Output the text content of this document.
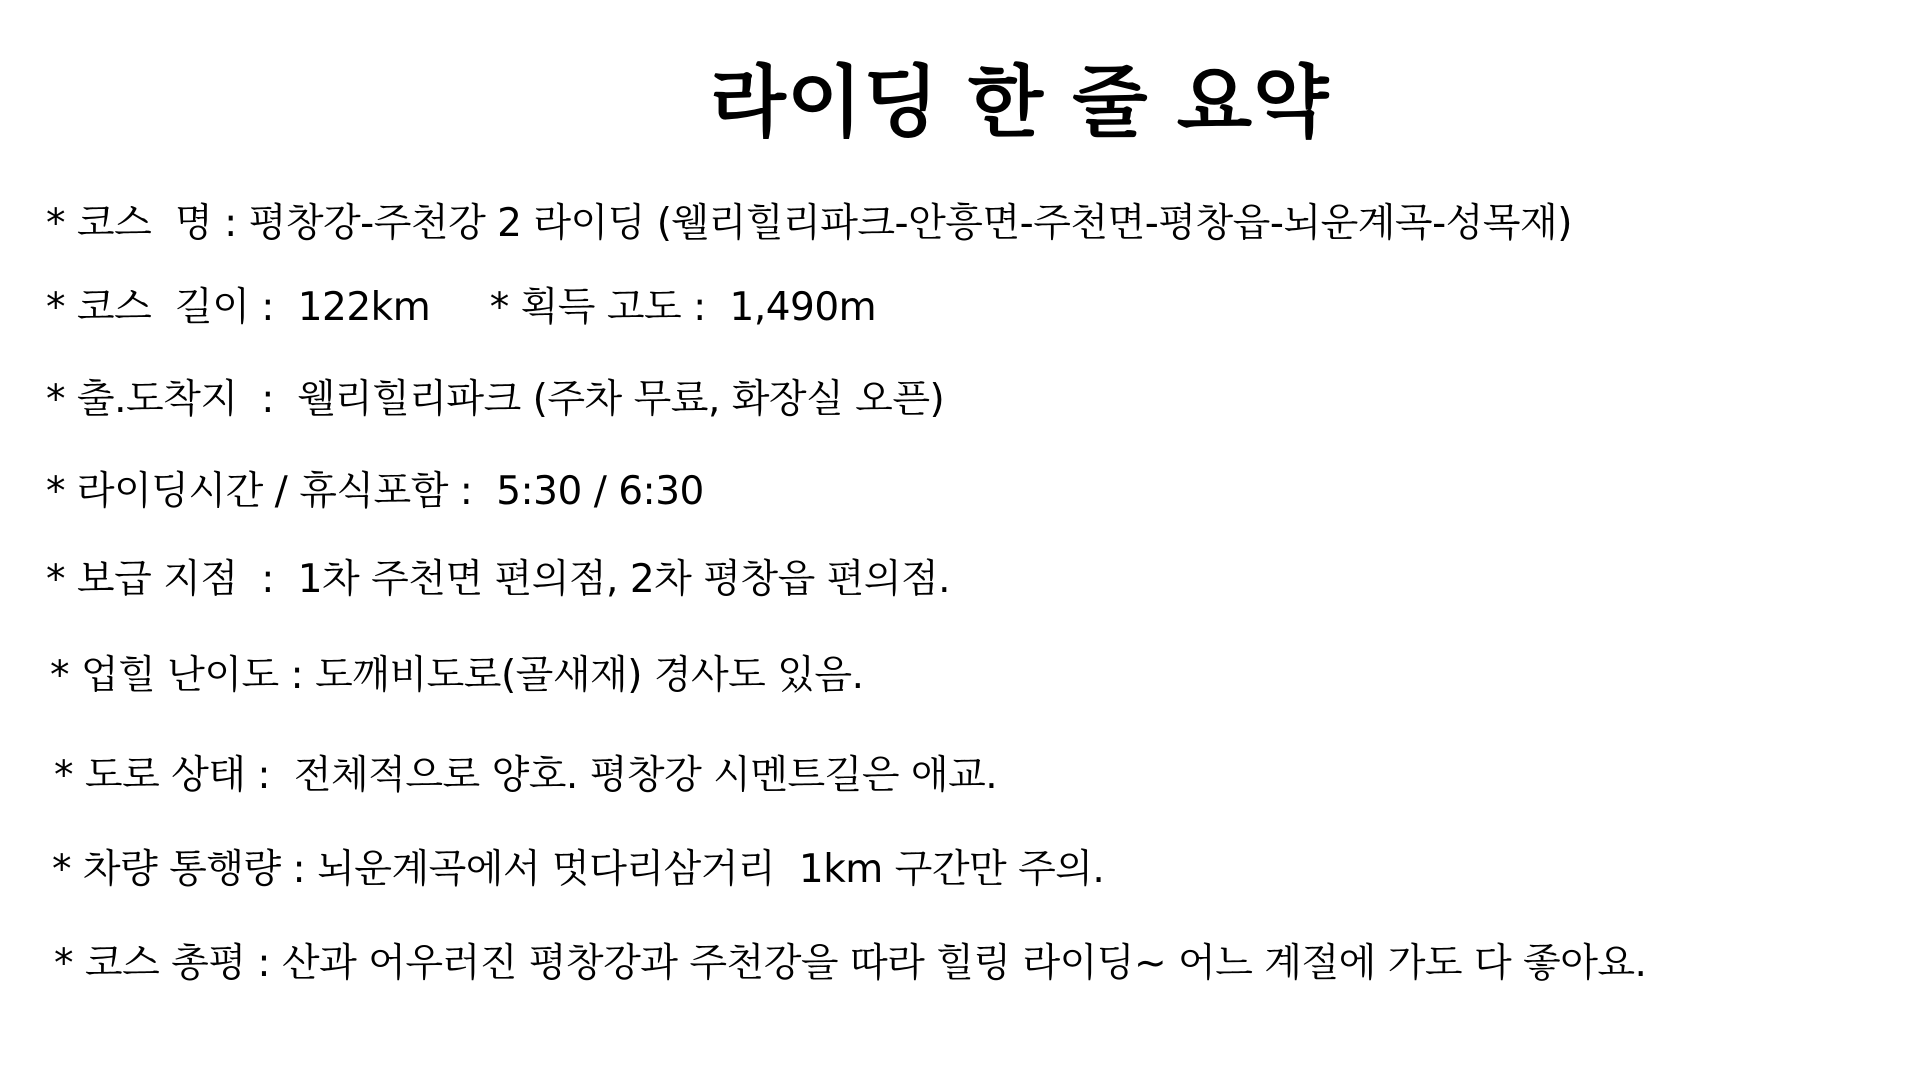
라이딩 한 줄 요약
* 코스  명 : 평창강-주천강 2 라이딩 (웰리힐리파크-안흥면-주천면-평창읍-뇌운계곡-성목재)
* 코스  길이 :  122km     * 획득 고도 :  1,490m
* 출.도착지  :  웰리힐리파크 (주차 무료, 화장실 오픈)
* 라이딩시간 / 휴식포함 :  5:30 / 6:30
* 보급 지점  :  1차 주천면 편의점, 2차 평창읍 편의점.
* 업힐 난이도 : 도깨비도로(골새재) 경사도 있음.
* 도로 상태 :  전체적으로 양호. 평창강 시멘트길은 애교.
* 차량 통행량 : 뇌운계곡에서 멋다리삼거리  1km 구간만 주의.
* 코스 총평 : 산과 어우러진 평창강과 주천강을 따라 힐링 라이딩~ 어느 계절에 가도 다 좋아요.
